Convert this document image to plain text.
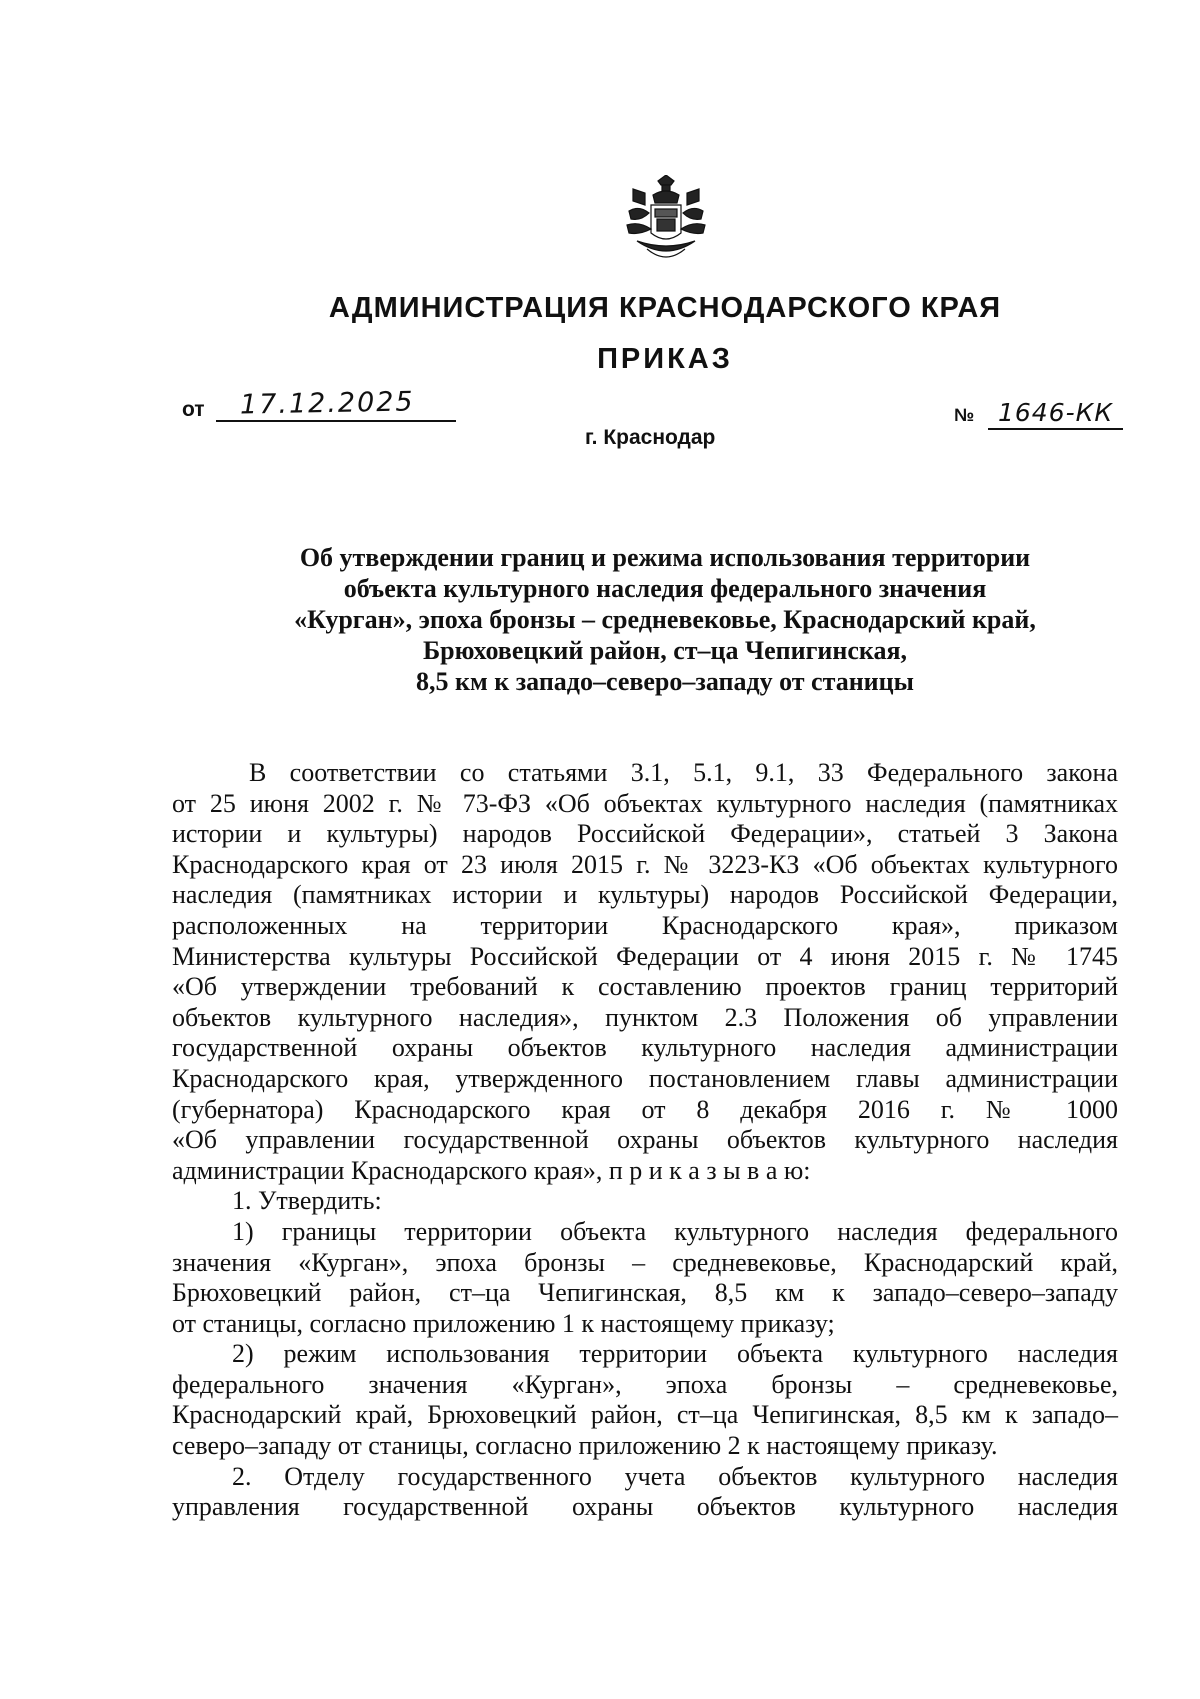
АДМИНИСТРАЦИЯ КРАСНОДАРСКОГО КРАЯ
ПРИКАЗ
от 17.12.2025
г. Краснодар
№ 1646-КК
Об утверждении границ и режима использования территории
объекта культурного наследия федерального значения
«Курган», эпоха бронзы – средневековье, Краснодарский край,
Брюховецкий район, ст–ца Чепигинская,
8,5 км к западо–северо–западу от станицы
В соответствии со статьями 3.1, 5.1, 9.1, 33 Федерального закона
от 25 июня 2002 г. № 73-ФЗ «Об объектах культурного наследия (памятниках
истории и культуры) народов Российской Федерации», статьей 3 Закона
Краснодарского края от 23 июля 2015 г. № 3223-КЗ «Об объектах культурного
наследия (памятниках истории и культуры) народов Российской Федерации,
расположенных на территории Краснодарского края», приказом
Министерства культуры Российской Федерации от 4 июня 2015 г. № 1745
«Об утверждении требований к составлению проектов границ территорий
объектов культурного наследия», пунктом 2.3 Положения об управлении
государственной охраны объектов культурного наследия администрации
Краснодарского края, утвержденного постановлением главы администрации
(губернатора) Краснодарского края от 8 декабря 2016 г. № 1000
«Об управлении государственной охраны объектов культурного наследия
администрации Краснодарского края», п р и к а з ы в а ю:
1. Утвердить:
1) границы территории объекта культурного наследия федерального
значения «Курган», эпоха бронзы – средневековье, Краснодарский край,
Брюховецкий район, ст–ца Чепигинская, 8,5 км к западо–северо–западу
от станицы, согласно приложению 1 к настоящему приказу;
2) режим использования территории объекта культурного наследия
федерального значения «Курган», эпоха бронзы – средневековье,
Краснодарский край, Брюховецкий район, ст–ца Чепигинская, 8,5 км к западо–
северо–западу от станицы, согласно приложению 2 к настоящему приказу.
2. Отделу государственного учета объектов культурного наследия
управления государственной охраны объектов культурного наследия
